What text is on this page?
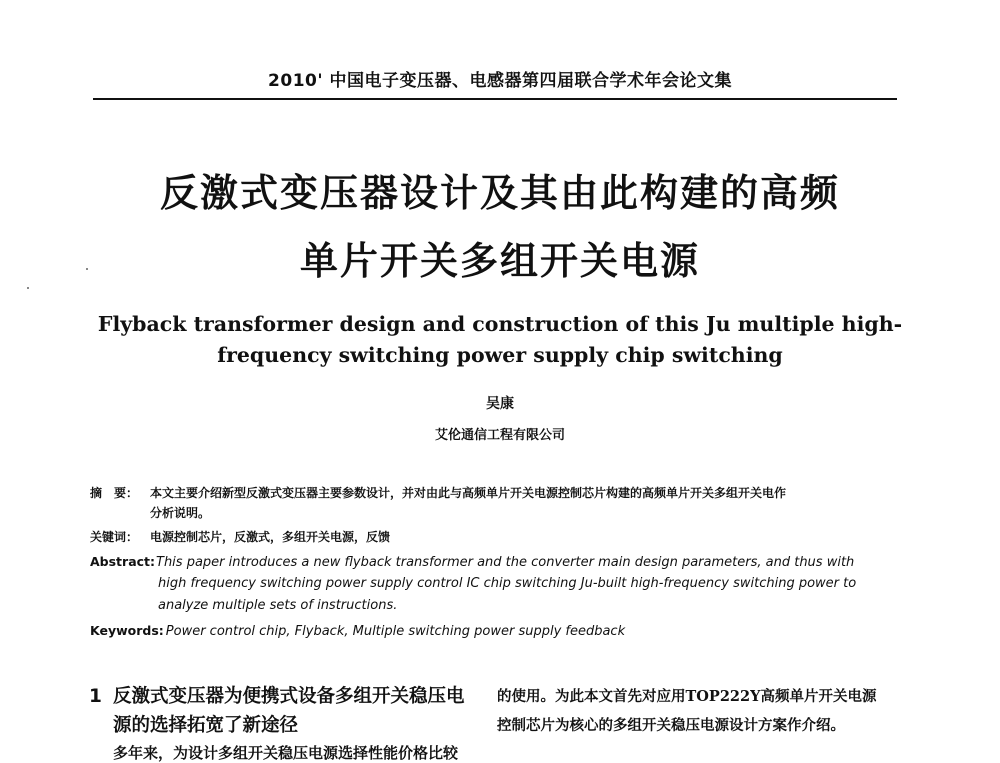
2010' 中国电子变压器、电感器第四届联合学术年会论文集
反激式变压器设计及其由此构建的高频
单片开关多组开关电源
Flyback transformer design and construction of this Ju multiple high-
frequency switching power supply chip switching
吴康
艾伦通信工程有限公司
摘　要： 本文主要介绍新型反激式变压器主要参数设计，并对由此与高频单片开关电源控制芯片构建的高频单片开关多组开关电作
分析说明。
关键词： 电源控制芯片，反激式，多组开关电源，反馈
Abstract:This paper introduces a new flyback transformer and the converter main design parameters, and thus with
high frequency switching power supply control IC chip switching Ju-built high-frequency switching power to
analyze multiple sets of instructions.
Keywords: Power control chip, Flyback, Multiple switching power supply feedback
1 反激式变压器为便携式设备多组开关稳压电
源的选择拓宽了新途径
的使用。为此本文首先对应用TOP222Y高频单片开关电源
控制芯片为核心的多组开关稳压电源设计方案作介绍。
多年来，为设计多组开关稳压电源选择性能价格比较
